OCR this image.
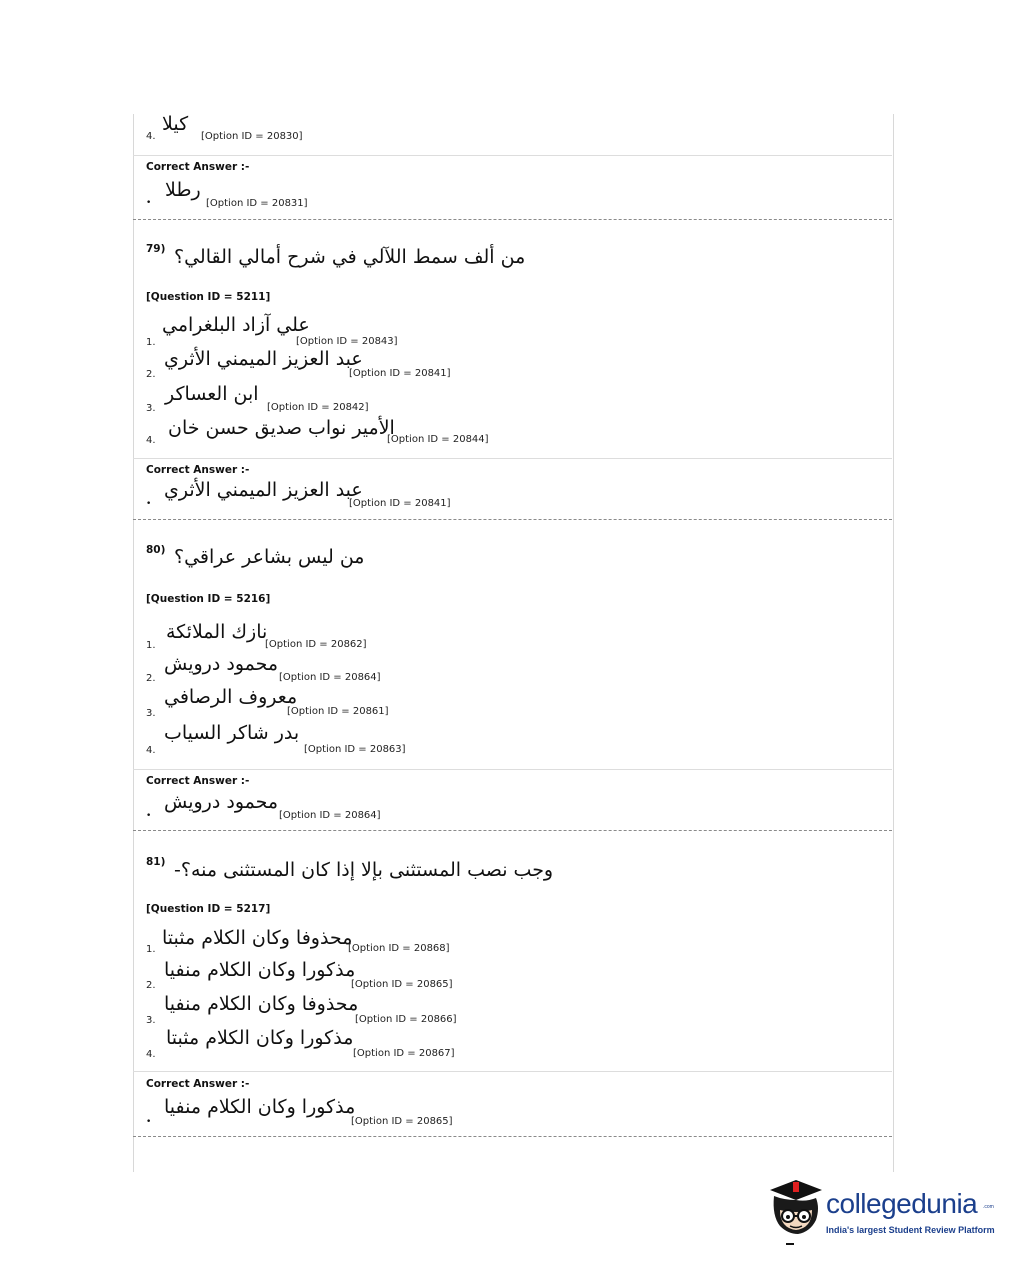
4.
كيلا
[Option ID = 20830]
Correct Answer :-
•
رطلا
[Option ID = 20831]
79) من ألف سمط اللآلي في شرح أمالي القالي؟
[Question ID = 5211]
1.
علي آزاد البلغرامي
[Option ID = 20843]
2.
عبد العزيز الميمني الأثري
[Option ID = 20841]
3.
ابن العساكر
[Option ID = 20842]
4.
الأمير نواب صديق حسن خان
[Option ID = 20844]
Correct Answer :-
•
عبد العزيز الميمني الأثري
[Option ID = 20841]
80) من ليس بشاعر عراقي؟
[Question ID = 5216]
1.
نازك الملائكة
[Option ID = 20862]
2.
محمود درويش
[Option ID = 20864]
3.
معروف الرصافي
[Option ID = 20861]
4.
بدر شاكر السياب
[Option ID = 20863]
Correct Answer :-
•
محمود درويش
[Option ID = 20864]
81) وجب نصب المستثنى بإلا إذا كان المستثنى منه؟-
[Question ID = 5217]
1.
محذوفا وكان الكلام مثبتا
[Option ID = 20868]
2.
مذكورا وكان الكلام منفيا
[Option ID = 20865]
3.
محذوفا وكان الكلام منفيا
[Option ID = 20866]
4.
مذكورا وكان الكلام مثبتا
[Option ID = 20867]
Correct Answer :-
•
مذكورا وكان الكلام منفيا
[Option ID = 20865]
collegedunia .com
India's largest Student Review Platform
